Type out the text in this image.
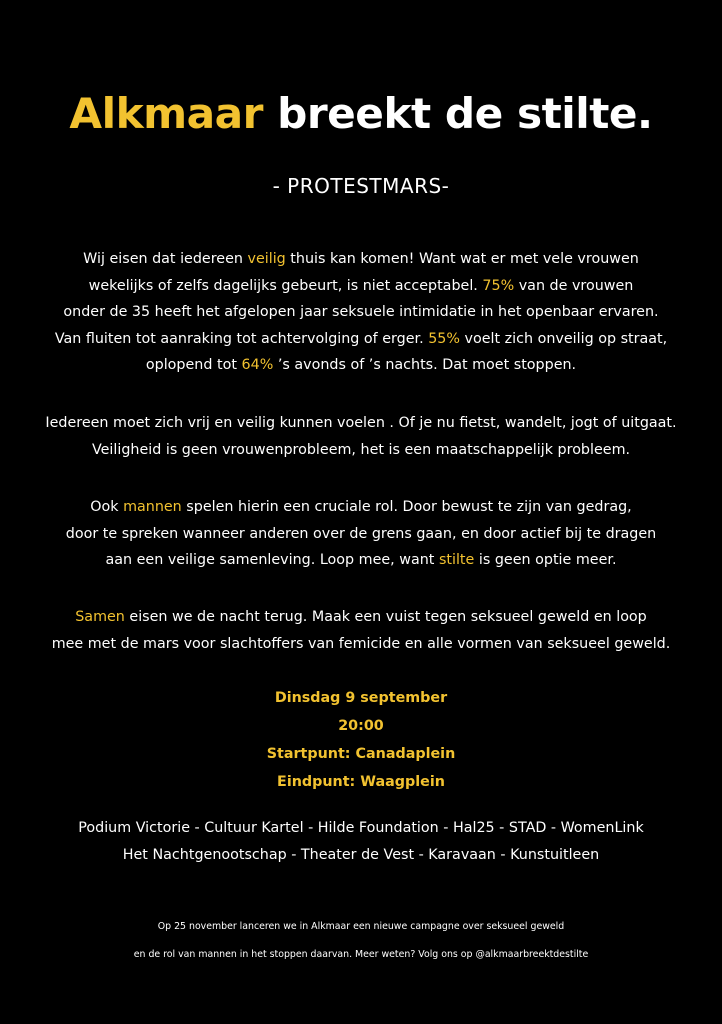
Alkmaar breekt de stilte.
- PROTESTMARS-

Wij eisen dat iedereen veilig thuis kan komen! Want wat er met vele vrouwen
wekelijks of zelfs dagelijks gebeurt, is niet acceptabel. 75% van de vrouwen
onder de 35 heeft het afgelopen jaar seksuele intimidatie in het openbaar ervaren.
Van fluiten tot aanraking tot achtervolging of erger. 55% voelt zich onveilig op straat,
oplopend tot 64% ’s avonds of ’s nachts. Dat moet stoppen.

Iedereen moet zich vrij en veilig kunnen voelen . Of je nu fietst, wandelt, jogt of uitgaat.
Veiligheid is geen vrouwenprobleem, het is een maatschappelijk probleem.

Ook mannen spelen hierin een cruciale rol. Door bewust te zijn van gedrag,
door te spreken wanneer anderen over de grens gaan, en door actief bij te dragen
aan een veilige samenleving. Loop mee, want stilte is geen optie meer.

Samen eisen we de nacht terug. Maak een vuist tegen seksueel geweld en loop
mee met de mars voor slachtoffers van femicide en alle vormen van seksueel geweld.

Dinsdag 9 september
20:00
Startpunt: Canadaplein
Eindpunt: Waagplein
Podium Victorie - Cultuur Kartel - Hilde Foundation - Hal25 - STAD - WomenLink
Het Nachtgenootschap - Theater de Vest - Karavaan - Kunstuitleen
Op 25 november lanceren we in Alkmaar een nieuwe campagne over seksueel geweld
en de rol van mannen in het stoppen daarvan. Meer weten? Volg ons op @alkmaarbreektdestilte
